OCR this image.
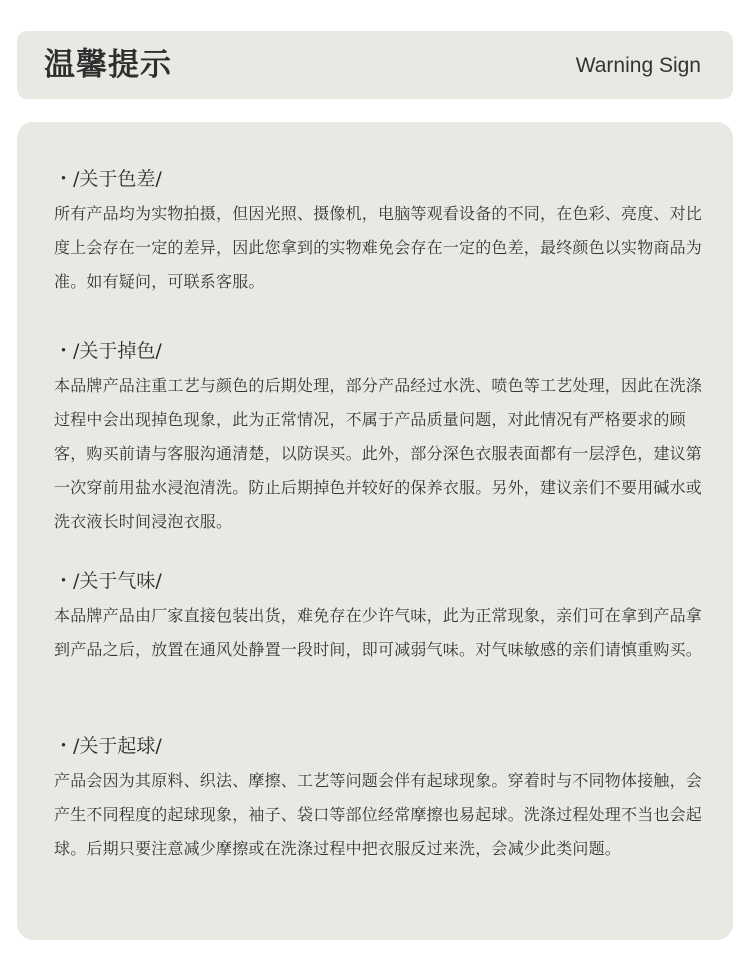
温馨提示	Warning Sign
・/关于色差/
所有产品均为实物拍摄，但因光照、摄像机，电脑等观看设备的不同，在色彩、亮度、对比度上会存在一定的差异，因此您拿到的实物难免会存在一定的色差，最终颜色以实物商品为准。如有疑问，可联系客服。
・/关于掉色/
本品牌产品注重工艺与颜色的后期处理，部分产品经过水洗、喷色等工艺处理，因此在洗涤过程中会出现掉色现象，此为正常情况，不属于产品质量问题，对此情况有严格要求的顾客，购买前请与客服沟通清楚，以防误买。此外，部分深色衣服表面都有一层浮色，建议第一次穿前用盐水浸泡清洗。防止后期掉色并较好的保养衣服。另外，建议亲们不要用碱水或洗衣液长时间浸泡衣服。
・/关于气味/
本品牌产品由厂家直接包装出货，难免存在少许气味，此为正常现象，亲们可在拿到产品拿到产品之后，放置在通风处静置一段时间，即可减弱气味。对气味敏感的亲们请慎重购买。
・/关于起球/
产品会因为其原料、织法、摩擦、工艺等问题会伴有起球现象。穿着时与不同物体接触，会产生不同程度的起球现象，袖子、袋口等部位经常摩擦也易起球。洗涤过程处理不当也会起球。后期只要注意减少摩擦或在洗涤过程中把衣服反过来洗，会减少此类问题。
